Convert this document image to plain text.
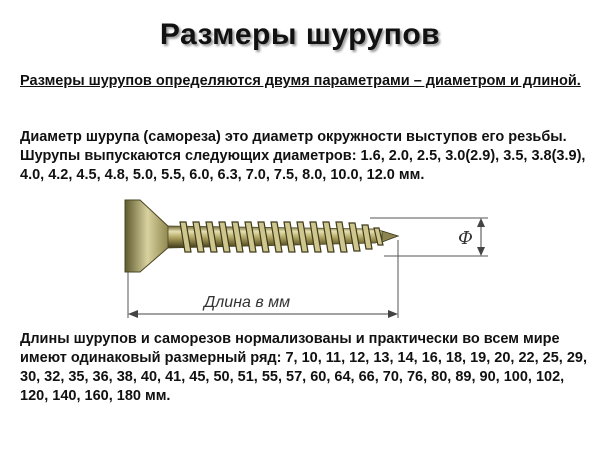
Размеры шурупов
Размеры шурупов определяются двумя параметрами – диаметром и длиной.
Диаметр шурупа (самореза) это диаметр окружности выступов его резьбы. Шурупы выпускаются следующих диаметров: 1.6, 2.0, 2.5, 3.0(2.9), 3.5, 3.8(3.9), 4.0, 4.2, 4.5, 4.8, 5.0, 5.5, 6.0, 6.3, 7.0, 7.5, 8.0, 10.0, 12.0 мм.
Ф
Длина в мм
Длины шурупов и саморезов нормализованы и практически во всем мире имеют одинаковый размерный ряд: 7, 10, 11, 12, 13, 14, 16, 18, 19, 20, 22, 25, 29, 30, 32, 35, 36, 38, 40, 41, 45, 50, 51, 55, 57, 60, 64, 66, 70, 76, 80, 89, 90, 100, 102, 120, 140, 160, 180 мм.
